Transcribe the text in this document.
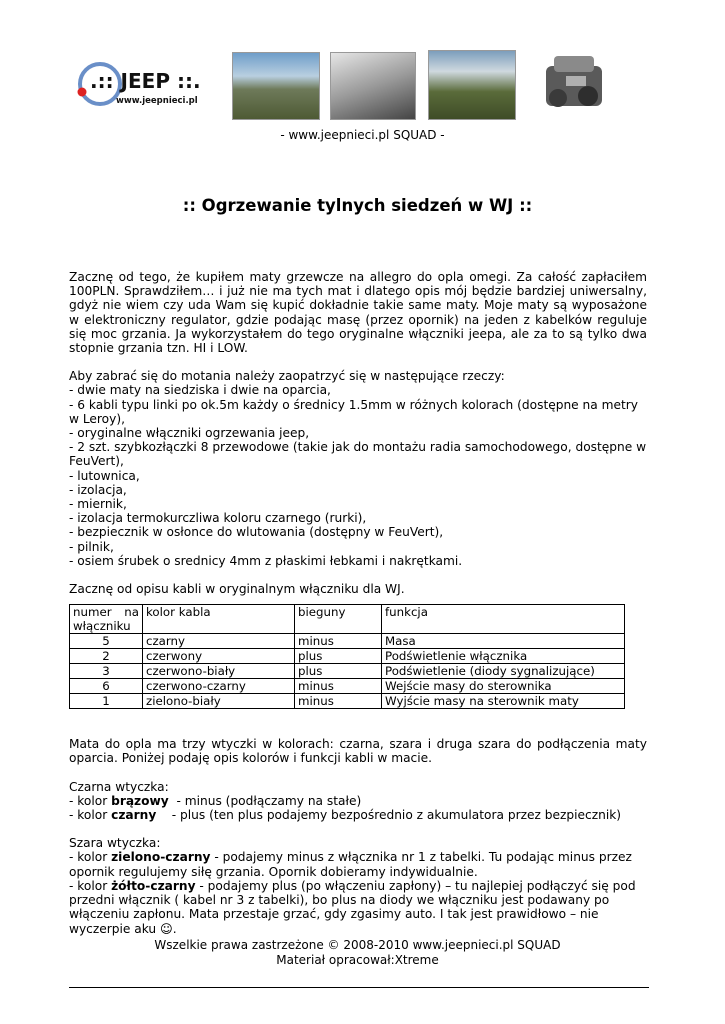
.:: JEEP ::.
www.jeepnieci.pl
- www.jeepnieci.pl SQUAD -
:: Ogrzewanie tylnych siedzeń w WJ ::

Zacznę od tego, że kupiłem maty grzewcze na allegro do opla omegi. Za całość zapłaciłem 100PLN. Sprawdziłem… i już nie ma tych mat i dlatego opis mój będzie bardziej uniwersalny, gdyż nie wiem czy uda Wam się kupić dokładnie takie same maty. Moje maty są wyposażone w elektroniczny regulator, gdzie podając masę (przez opornik) na jeden z kabelków reguluje się moc grzania. Ja wykorzystałem do tego oryginalne włączniki jeepa, ale za to są tylko dwa stopnie grzania tzn. HI i LOW.

Aby zabrać się do motania należy zaopatrzyć się w następujące rzeczy:

- dwie maty na siedziska i dwie na oparcia,

- 6 kabli typu linki po ok.5m każdy o średnicy 1.5mm w różnych kolorach (dostępne na metry w Leroy),

- oryginalne włączniki ogrzewania jeep,

- 2 szt. szybkozłączki 8 przewodowe (takie jak do montażu radia samochodowego, dostępne w FeuVert),

- lutownica,

- izolacja,

- miernik,

- izolacja termokurczliwa koloru czarnego (rurki),

- bezpiecznik w osłonce do wlutowania (dostępny w FeuVert),

- pilnik,

- osiem śrubek o srednicy 4mm z płaskimi łebkami i nakrętkami.

Zacznę od opisu kabli w oryginalnym włączniku dla WJ.

numer na włączniku	kolor kabla	bieguny	funkcja
5	czarny	minus	Masa
2	czerwony	plus	Podświetlenie włącznika
3	czerwono-biały	plus	Podświetlenie (diody sygnalizujące)
6	czerwono-czarny	minus	Wejście masy do sterownika
1	zielono-biały	minus	Wyjście masy na sterownik maty

Mata do opla ma trzy wtyczki w kolorach: czarna, szara i druga szara do podłączenia maty oparcia. Poniżej podaję opis kolorów i funkcji kabli w macie.

Czarna wtyczka:

- kolor brązowy  - minus (podłączamy na stałe)

- kolor czarny    - plus (ten plus podajemy bezpośrednio z akumulatora przez bezpiecznik)

Szara wtyczka:

- kolor zielono-czarny - podajemy minus z włącznika nr 1 z tabelki. Tu podając minus przez opornik regulujemy siłę grzania. Opornik dobieramy indywidualnie.

- kolor żółto-czarny - podajemy plus (po włączeniu zapłony) – tu najlepiej podłączyć się pod przedni włącznik ( kabel nr 3 z tabelki), bo plus na diody we włączniku jest podawany po włączeniu zapłonu. Mata przestaje grzać, gdy zgasimy auto. I tak jest prawidłowo – nie wyczerpie aku ☺.

Wszelkie prawa zastrzeżone © 2008-2010 www.jeepnieci.pl SQUAD
Materiał opracował:Xtreme
